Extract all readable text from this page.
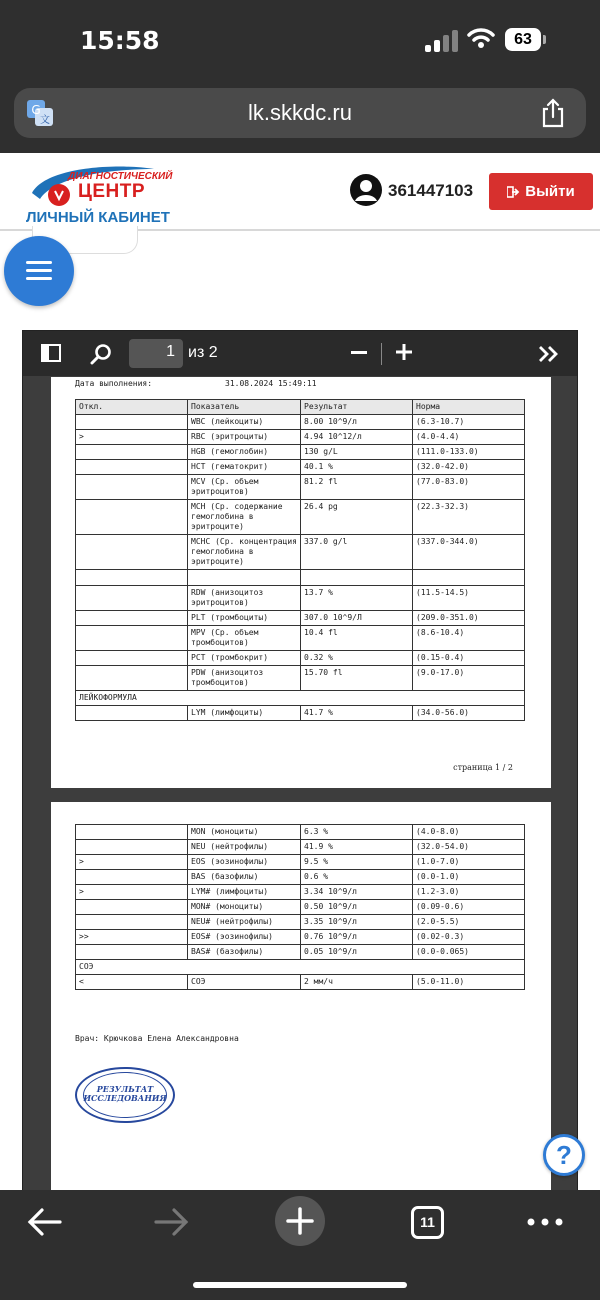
15:58	63
G
文	lk.skkdc.ru
ДИАГНОСТИЧЕСКИЙ
ЦЕНТР
ЛИЧНЫЙ КАБИНЕТ
361447103	Выйти
1 из 2
Дата выполнения:	31.08.2024 15:49:11
Откл.	Показатель	Результат	Норма
	WBC (лейкоциты)	8.00 10^9/л	(6.3-10.7)
>	RBC (эритроциты)	4.94 10^12/л	(4.0-4.4)
	HGB (гемоглобин)	130 g/L	(111.0-133.0)
	HCT (гематокрит)	40.1 %	(32.0-42.0)
	MCV (Ср. объем эритроцитов)	81.2 fl	(77.0-83.0)
	MCH (Ср. содержание гемоглобина в эритроците)	26.4 pg	(22.3-32.3)
	MCHC (Ср. концентрация гемоглобина в эритроците)	337.0 g/l	(337.0-344.0)

	RDW (анизоцитоз эритроцитов)	13.7 %	(11.5-14.5)
	PLT (тромбоциты)	307.0 10^9/Л	(209.0-351.0)
	MPV (Ср. объем тромбоцитов)	10.4 fl	(8.6-10.4)
	PCT (тромбокрит)	0.32 %	(0.15-0.4)
	PDW (анизоцитоз тромбоцитов)	15.70 fl	(9.0-17.0)
ЛЕЙКОФОРМУЛА			
	LYM (лимфоциты)	41.7 %	(34.0-56.0)
страница 1 / 2
	MON (моноциты)	6.3 %	(4.0-8.0)
	NEU (нейтрофилы)	41.9 %	(32.0-54.0)
>	EOS (эозинофилы)	9.5 %	(1.0-7.0)
	BAS (базофилы)	0.6 %	(0.0-1.0)
>	LYM# (лимфоциты)	3.34 10^9/л	(1.2-3.0)
	MON# (моноциты)	0.50 10^9/л	(0.09-0.6)
	NEU# (нейтрофилы)	3.35 10^9/л	(2.0-5.5)
>>	EOS# (эозинофилы)	0.76 10^9/л	(0.02-0.3)
	BAS# (базофилы)	0.05 10^9/л	(0.0-0.065)
СОЭ			
<	СОЭ	2 мм/ч	(5.0-11.0)
Врач: Крючкова Елена Александровна
РЕЗУЛЬТАТ
ИССЛЕДОВАНИЯ
?
11
